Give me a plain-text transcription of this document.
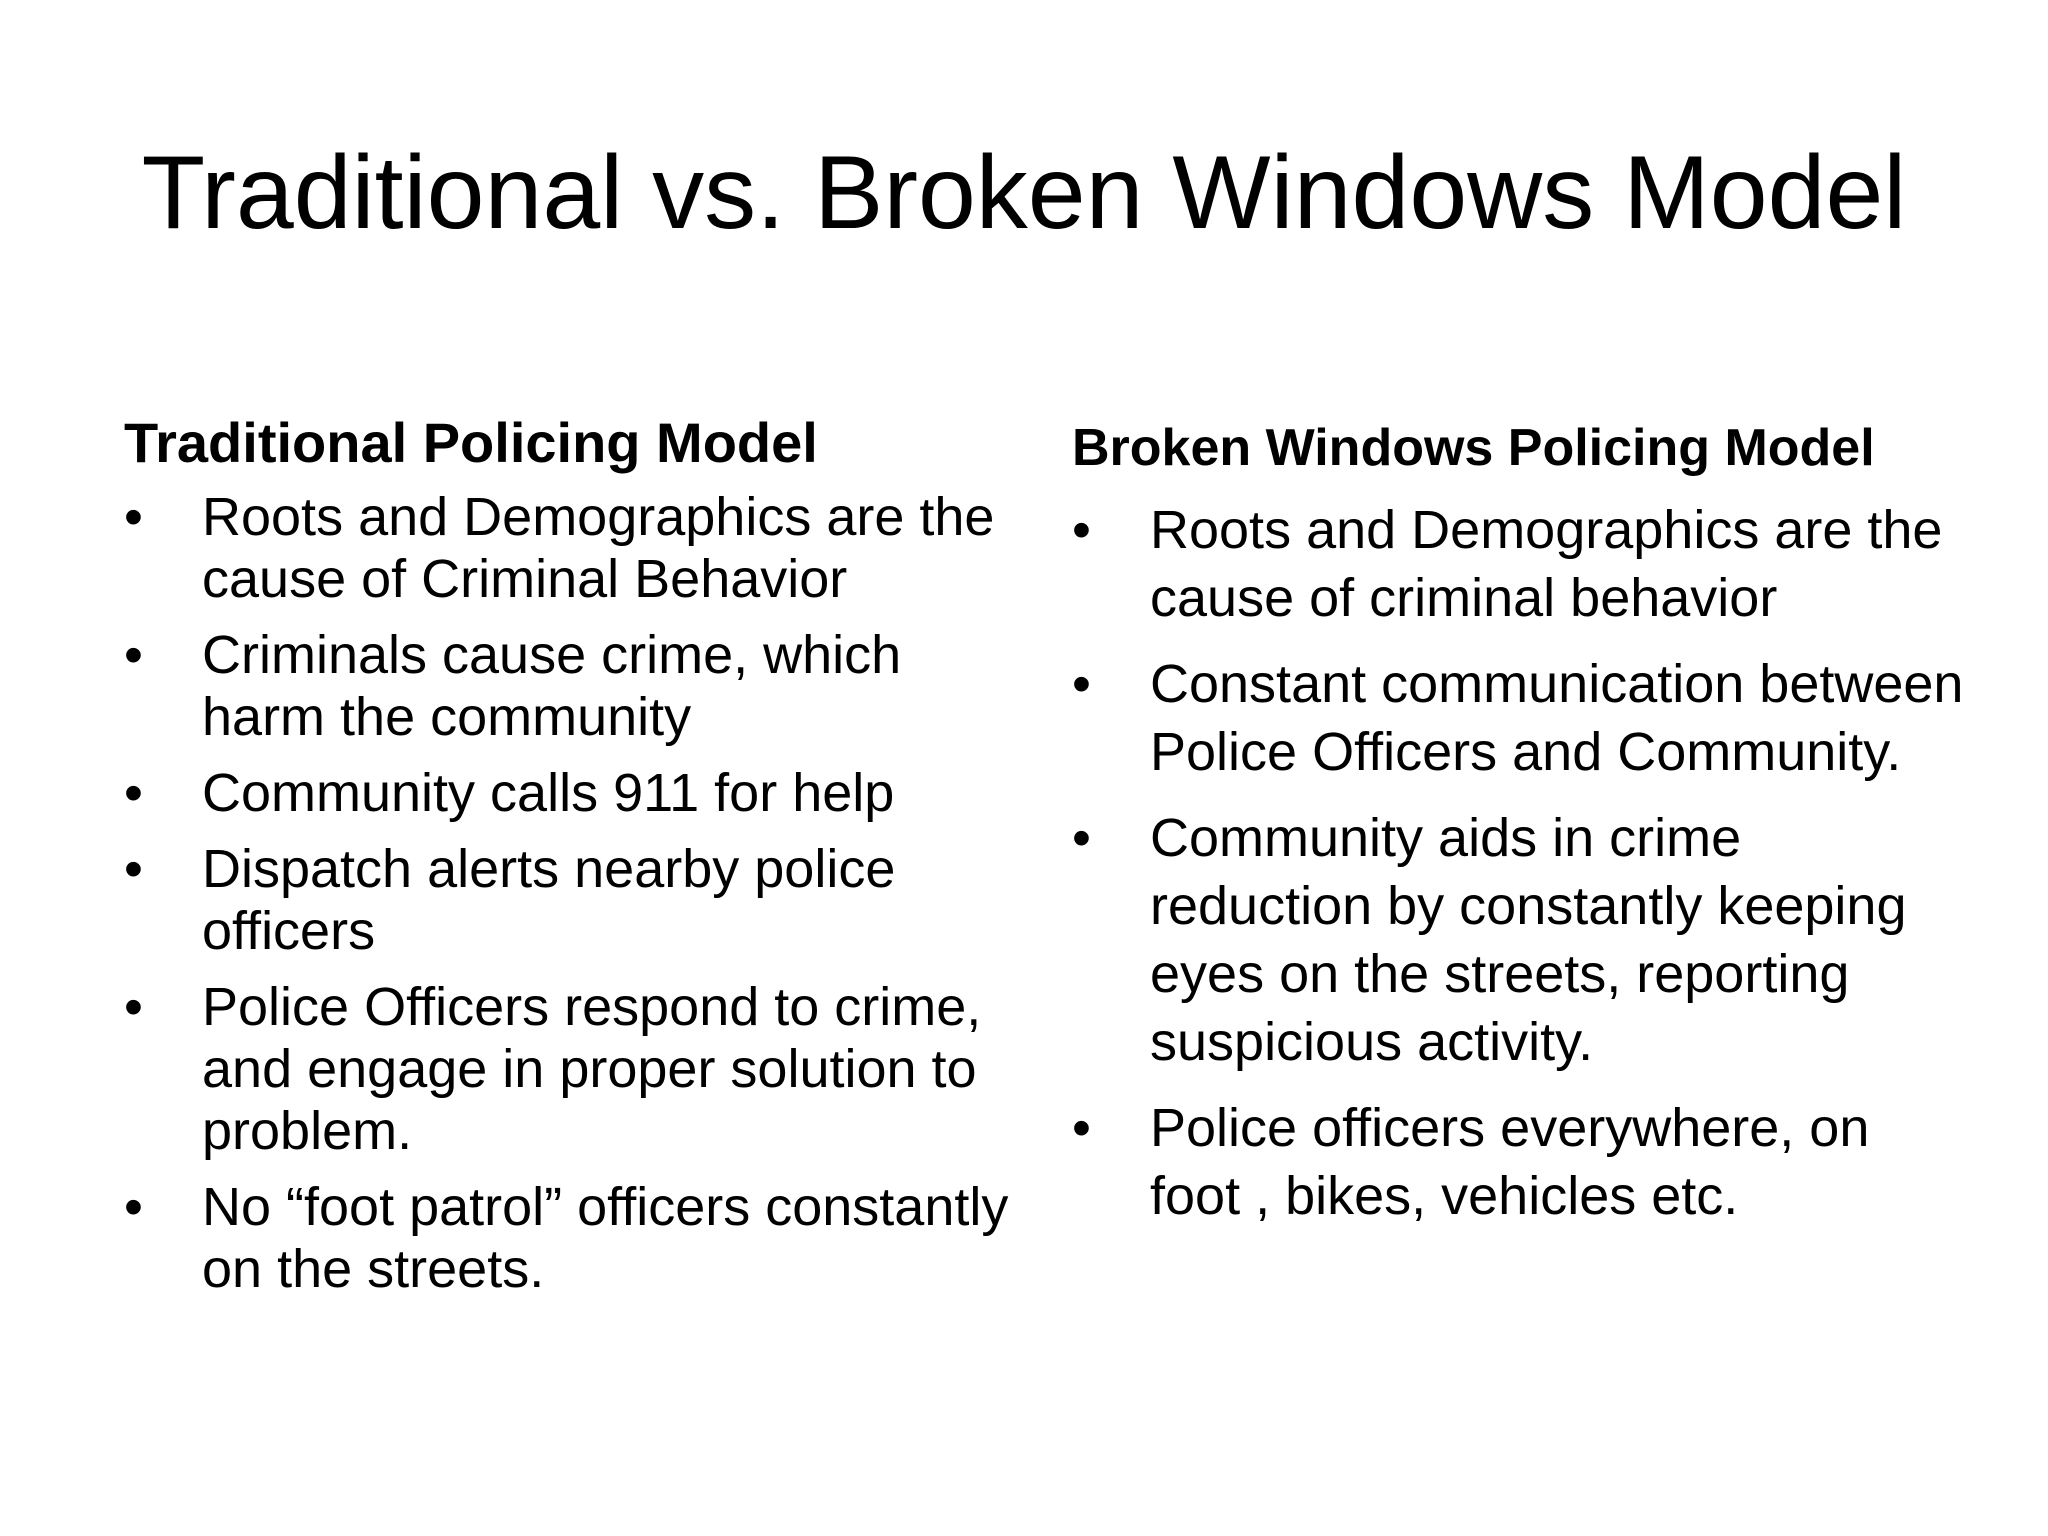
Traditional vs. Broken Windows Model
Traditional Policing Model
•	Roots and Demographics are the cause of Criminal Behavior
•	Criminals cause crime, which harm the community
•	Community calls 911 for help
•	Dispatch alerts nearby police officers
•	Police Officers respond to crime, and engage in proper solution to problem.
•	No “foot patrol” officers constantly on the streets.
Broken Windows Policing Model
•	Roots and Demographics are the cause of criminal behavior
•	Constant communication between Police Officers and Community.
•	Community aids in crime reduction by constantly keeping eyes on the streets, reporting suspicious activity.
•	Police officers everywhere, on foot , bikes, vehicles etc.
